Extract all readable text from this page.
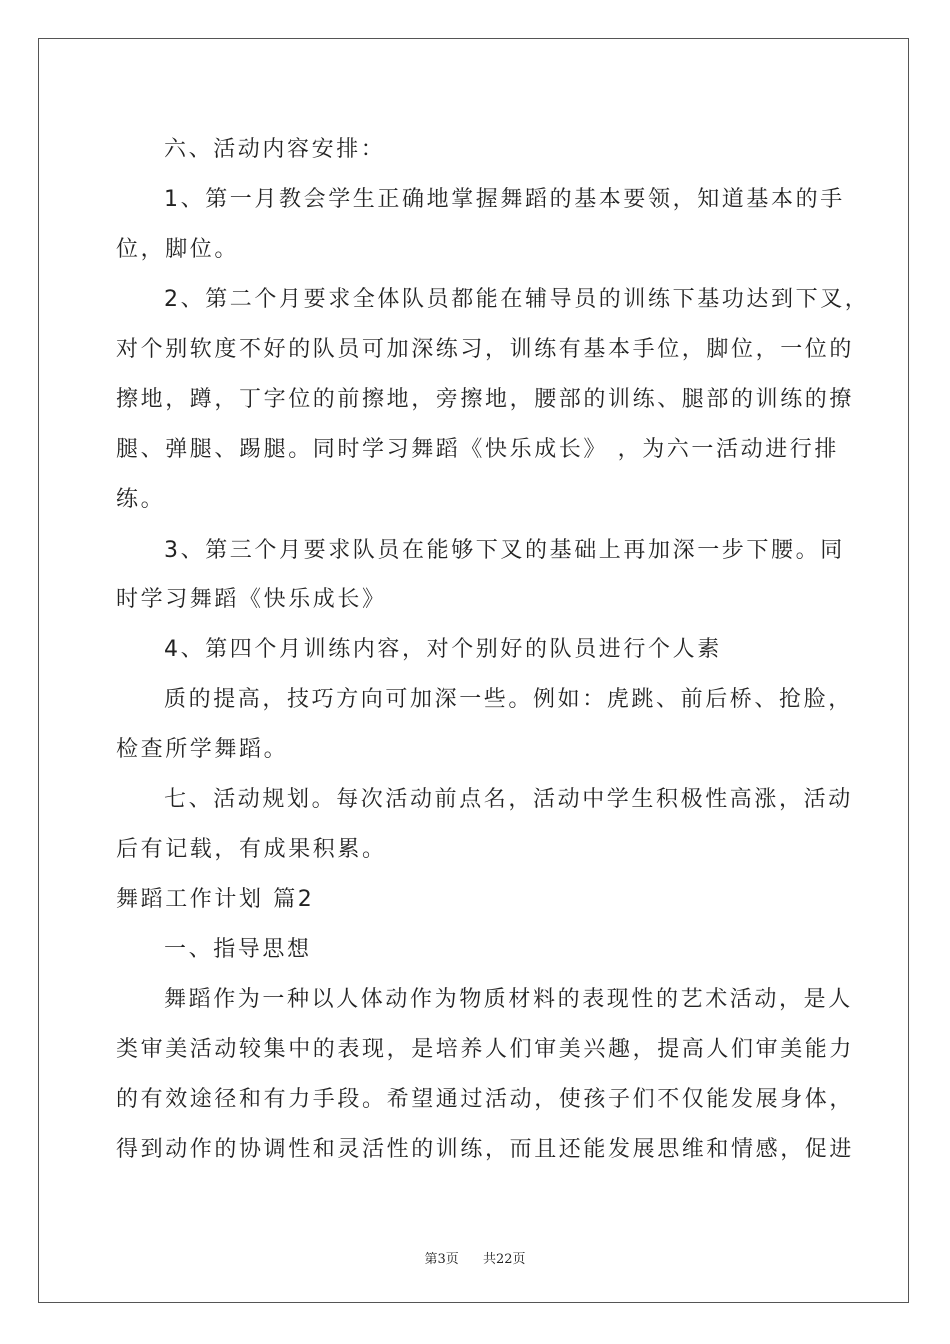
六、活动内容安排：
1、第一月教会学生正确地掌握舞蹈的基本要领，知道基本的手
位，脚位。
2、第二个月要求全体队员都能在辅导员的训练下基功达到下叉，
对个别软度不好的队员可加深练习，训练有基本手位，脚位，一位的
擦地，蹲，丁字位的前擦地，旁擦地，腰部的训练、腿部的训练的撩
腿、弹腿、踢腿。同时学习舞蹈《快乐成长》 ，为六一活动进行排
练。
3、第三个月要求队员在能够下叉的基础上再加深一步下腰。同
时学习舞蹈《快乐成长》
4、第四个月训练内容，对个别好的队员进行个人素
质的提高，技巧方向可加深一些。例如：虎跳、前后桥、抢脸，
检查所学舞蹈。
七、活动规划。每次活动前点名，活动中学生积极性高涨，活动
后有记载，有成果积累。
舞蹈工作计划 篇2
一、指导思想
舞蹈作为一种以人体动作为物质材料的表现性的艺术活动，是人
类审美活动较集中的表现，是培养人们审美兴趣，提高人们审美能力
的有效途径和有力手段。希望通过活动，使孩子们不仅能发展身体，
得到动作的协调性和灵活性的训练，而且还能发展思维和情感，促进
第3页 共22页
